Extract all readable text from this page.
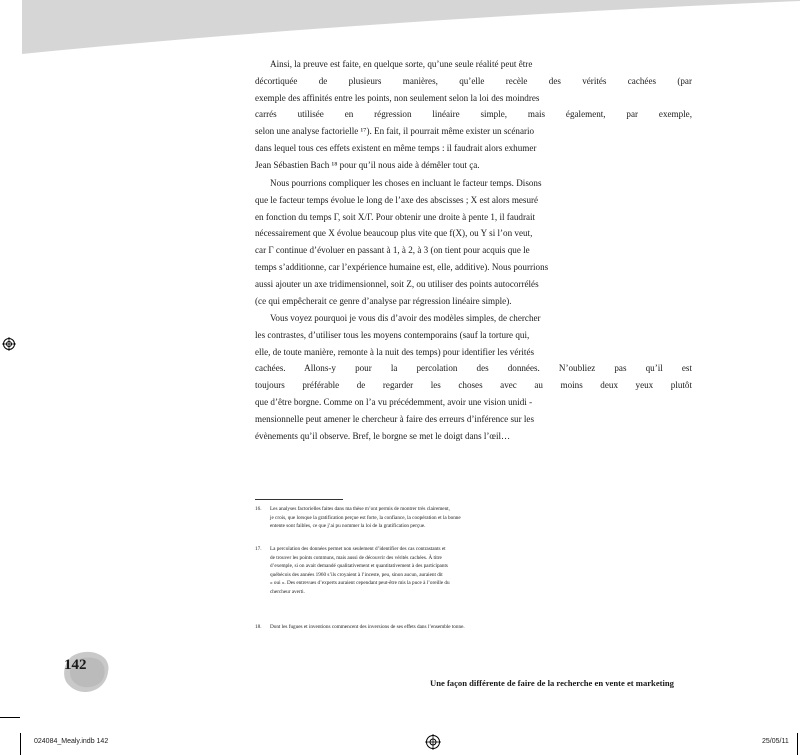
Ainsi, la preuve est faite, en quelque sorte, qu’une seule réalité peut être
décortiquée de plusieurs manières, qu’elle recèle des vérités cachées (par
exemple des affinités entre les points, non seulement selon la loi des moindres
carrés utilisée en régression linéaire simple, mais également, par exemple,
selon une analyse factorielle ¹⁷). En fait, il pourrait même exister un scénario
dans lequel tous ces effets existent en même temps : il faudrait alors exhumer
Jean Sébastien Bach ¹⁸ pour qu’il nous aide à démêler tout ça.
Nous pourrions compliquer les choses en incluant le facteur temps. Disons
que le facteur temps évolue le long de l’axe des abscisses ; X est alors mesuré
en fonction du temps Γ, soit X/Γ. Pour obtenir une droite à pente 1, il faudrait
nécessairement que X évolue beaucoup plus vite que f(X), ou Y si l’on veut,
car Γ continue d’évoluer en passant à 1, à 2, à 3 (on tient pour acquis que le
temps s’additionne, car l’expérience humaine est, elle, additive). Nous pourrions
aussi ajouter un axe tridimensionnel, soit Z, ou utiliser des points autocorrélés
(ce qui empêcherait ce genre d’analyse par régression linéaire simple).
Vous voyez pourquoi je vous dis d’avoir des modèles simples, de chercher
les contrastes, d’utiliser tous les moyens contemporains (sauf la torture qui,
elle, de toute manière, remonte à la nuit des temps) pour identifier les vérités
cachées. Allons-y pour la percolation des données. N’oubliez pas qu’il est
toujours préférable de regarder les choses avec au moins deux yeux plutôt
que d’être borgne. Comme on l’a vu précédemment, avoir une vision unidi -
mensionnelle peut amener le chercheur à faire des erreurs d’inférence sur les
évènements qu’il observe. Bref, le borgne se met le doigt dans l’œil…
16. Les analyses factorielles faites dans ma thèse m’ont permis de montrer très clairement,
je crois, que lorsque la gratification perçue est forte, la confiance, la coopération et la bonne
entente sont faibles, ce que j’ai pu nommer la loi de la gratification perçue.
17. La percolation des données permet non seulement d’identifier des cas contrastants et
de trouver les points communs, mais aussi de découvrir des vérités cachées. À titre
d’exemple, si on avait demandé qualitativement et quantitativement à des participants
québécois des années 1960 s’ils croyaient à l’inceste, peu, sinon aucun, auraient dit
« oui ». Des entrevues d’experts auraient cependant peut-être mis la puce à l’oreille du
chercheur averti.
18. Dont les fugues et inventions commencent des inversions de ses effets dans l’ensemble tonne.
142
Une façon différente de faire de la recherche en vente et marketing
024084_Mealy.indb 142	25/05/11
